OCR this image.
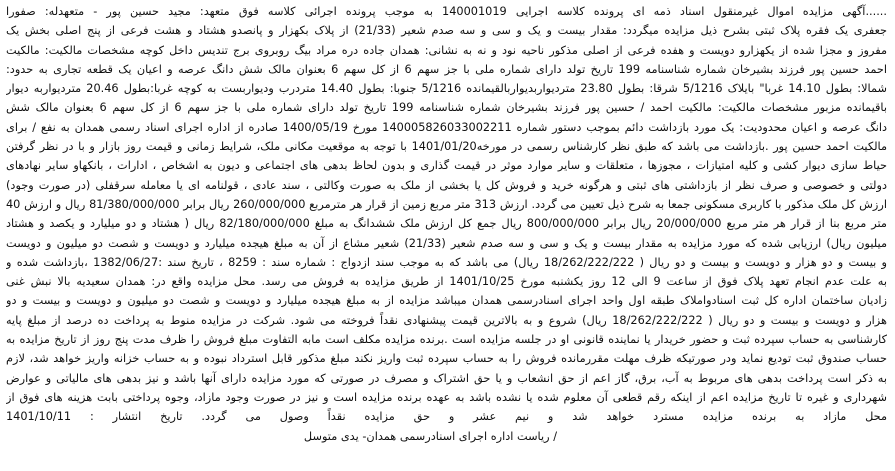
......آگهی مزایده اموال غیرمنقول اسناد ذمه ای پرونده کلاسه اجرایی 140001019 به موجب پرونده اجرائی کلاسه فوق متعهد: مجید حسین پور - متعهدله: صفورا
جعفری یک فقره پلاک ثبتی بشرح ذیل مزایده میگردد: مقدار بیست و یک و سی و سه صدم شعیر (21/33) از پلاک بکهزار و پانصدو هشتاد و هشت فرعی از پنج اصلی بخش یک
مفروز و مجزا شده از یکهزارو دویست و هفده فرعی از اصلی مذکور ناحیه نود و نه به نشانی: همدان جاده دره مراد بیگ روبروی برج تندیس داخل کوچه مشخصات مالکیت: مالکیت
احمد حسین پور فرزند بشیرخان شماره شناسنامه 199 تاریخ تولد دارای شماره ملی با جز سهم 6 از کل سهم 6 بعنوان مالک شش دانگ عرصه و اعیان یک قطعه تجاری به حدود:
شمالا: بطول 14.10 غربا" بایلاک 5/1216 شرقا: بطول 23.80 مترديواربديواربالقيمانده 5/1216 جنوبا: بطول 14.40 متردرب وديواربست به کوچه غربا:بطول 20.46 متردیواربه دیوار
باقیمانده مزبور مشخصات مالکیت: مالکیت احمد / حسین پور فرزند بشیرخان شماره شناسنامه 199 تاریخ تولد دارای شماره ملی با جز سهم 6 از کل سهم 6 بعنوان مالک شش
دانگ عرصه و اعیان محدودیت: یک مورد بازداشت دائم بموجب دستور شماره 140005826033002211 مورخ 1400/05/19 صادره از اداره اجرای اسناد رسمی همدان به نفع / برای
مالکیت احمد حسین پور .بازداشت می باشد که طبق نظر کارشناس رسمی در مورخه1401/01/20 با توجه به موقعیت مکانی ملک، شرایط زمانی و قیمت روز بازار و با در نظر گرفتن
حیاط سازی دیوار کشی و کلیه امتیازات ، مجوزها ، متعلقات و سایر موارد موثر در قیمت گذاری و بدون لحاظ بدهی های اجتماعی و دیون به اشخاص ، ادارات ، بانکهاو سایر نهادهای
دولتی و خصوصی و صرف نظر از بازداشتی های ثبتی و هرگونه خرید و فروش کل یا بخشی از ملک به صورت وکالتی ، سند عادی ، قولنامه ای یا معامله سرقفلی (در صورت وجود)
ارزش کل ملک مذکور با کاربری مسکونی جمعا به شرح ذیل تعیین می گردد. ارزش 313 متر مربع زمین از قرار هر مترمربع 260/000/000 ریال برابر 81/380/000/000 ریال و ارزش 40
متر مربع بنا از قرار هر متر مربع 20/000/000 ریال برابر 800/000/000 ریال جمع کل ارزش ملک ششدانگ به مبلغ 82/180/000/000 ریال ( هشتاد و دو میلیارد و یکصد و هشتاد
میلیون ریال) ارزیابی شده که مورد مزایده به مقدار بیست و یک و سی و سه صدم شعیر (21/33) شعیر مشاع از آن به مبلغ هیجده میلیارد و دویست و شصت دو میلیون و دویست
و بیست و دو هزار و دویست و بیست و دو ریال ( 18/262/222/222 ریال) می باشد که به موجب سند ازدواج : شماره سند : 8259 ، تاریخ سند :1382/06/27 ،بازداشت شده و
به علت عدم انجام تعهد پلاک فوق از ساعت 9 الی 12 روز یکشنبه مورخ 1401/10/25 از طریق مزایده به فروش می رسد. محل مزایده واقع در: همدان سعیدیه بالا نبش غنی
زادیان ساختمان اداره کل ثبت اسنادواملاک طبقه اول واحد اجرای اسنادرسمی همدان میباشد مزایده از به مبلغ هیجده میلیارد و دویست و شصت دو میلیون و دویست و بیست و دو
هزار و دویست و بیست و دو ریال ( 18/262/222/222 ریال) شروع و به بالاترین قیمت پیشنهادی نقداً فروخته می شود. شرکت در مزایده منوط به پرداخت ده درصد از مبلغ پایه
کارشناسی به حساب سپرده ثبت و حضور خریدار یا نماینده قانونی او در جلسه مزایده است .برنده مزایده مکلف است مابه التفاوت مبلغ فروش را ظرف مدت پنج روز از تاریخ مزایده به
حساب صندوق ثبت تودیع نماید ودر صورتیکه ظرف مهلت مقررمانده فروش را به حساب سپرده ثبت واریز نکند مبلغ مذکور قابل استرداد نبوده و به حساب خزانه واریز خواهد شد، لازم
به ذکر است پرداخت بدهی های مربوط به آب، برق، گاز اعم از حق انشعاب و یا حق اشتراک و مصرف در صورتی که مورد مزایده دارای آنها باشد و نیز بدهی های مالیاتی و عوارض
شهرداری و غیره تا تاریخ مزایده اعم از اینکه رقم قطعی آن معلوم شده یا نشده باشد به عهده برنده مزایده است و نیز در صورت وجود مازاد، وجوه پرداختی بابت هزینه های فوق از
محل مازاد به برنده مزایده مسترد خواهد شد و نیم عشر و حق مزایده نقداً وصول می گردد. تاریخ انتشار : 1401/10/11
/ رياست اداره اجرای اسنادرسمی همدان- يدی متوسل
